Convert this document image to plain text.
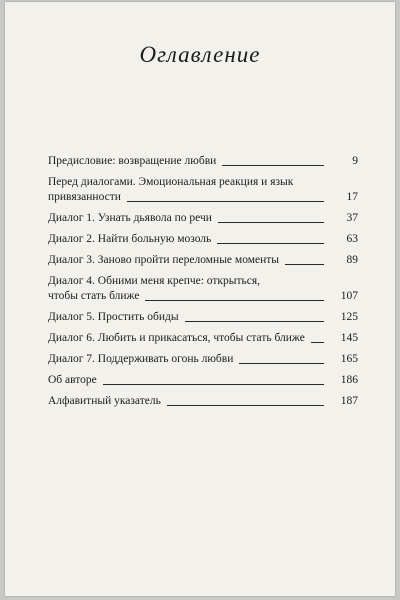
Оглавление
Предисловие: возвращение любви	9
Перед диалогами. Эмоциональная реакция и язык
привязанности	17
Диалог 1. Узнать дьявола по речи	37
Диалог 2. Найти больную мозоль	63
Диалог 3. Заново пройти переломные моменты	89
Диалог 4. Обними меня крепче: открыться,
чтобы стать ближе	107
Диалог 5. Простить обиды	125
Диалог 6. Любить и прикасаться, чтобы стать ближе	145
Диалог 7. Поддерживать огонь любви	165
Об авторе	186
Алфавитный указатель	187
